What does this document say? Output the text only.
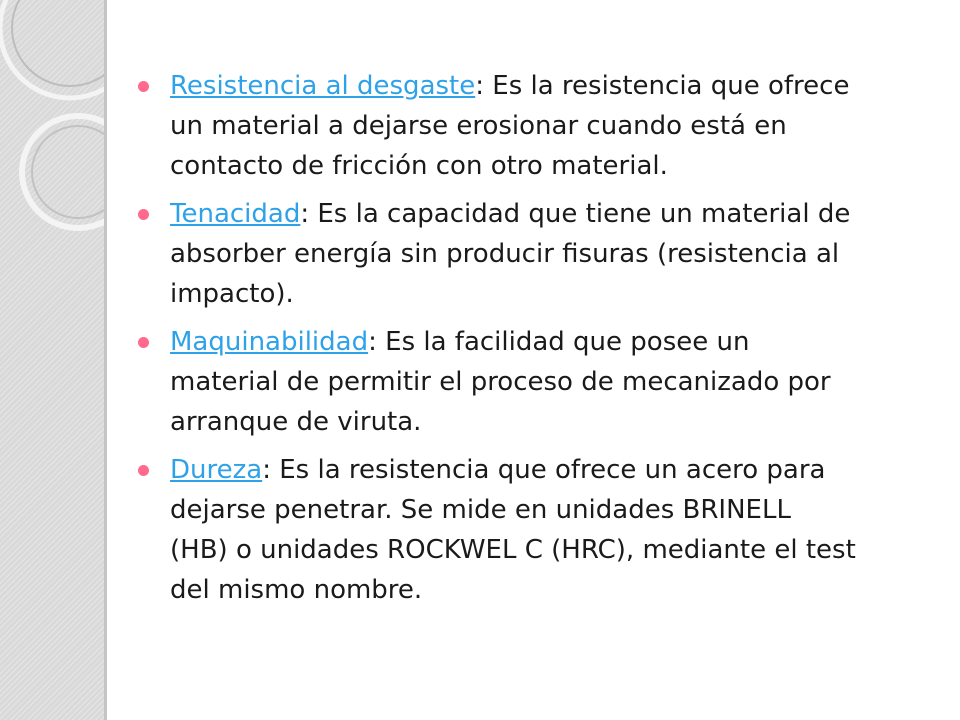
Resistencia al desgaste: Es la resistencia que ofrece un material a dejarse erosionar cuando está en contacto de fricción con otro material.
Tenacidad: Es la capacidad que tiene un material de absorber energía sin producir fisuras (resistencia al impacto).
Maquinabilidad: Es la facilidad que posee un material de permitir el proceso de mecanizado por arranque de viruta.
Dureza: Es la resistencia que ofrece un acero para dejarse penetrar. Se mide en unidades BRINELL (HB) o unidades ROCKWEL C (HRC), mediante el test del mismo nombre.
